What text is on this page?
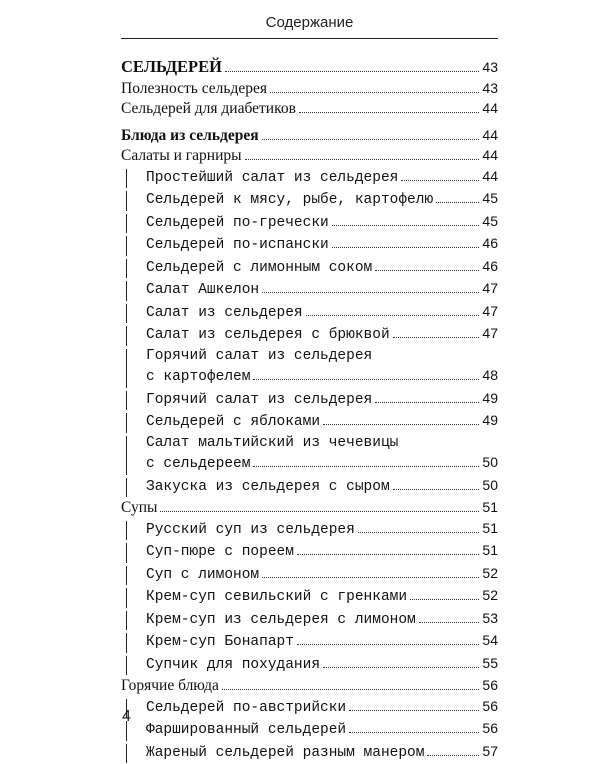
Содержание
СЕЛЬДЕРЕЙ	43
Полезность сельдерея	43
Сельдерей для диабетиков	44
Блюда из сельдерея	44
Салаты и гарниры	44
Простейший салат из сельдерея	44
Сельдерей к мясу, рыбе, картофелю	45
Сельдерей по-гречески	45
Сельдерей по-испански	46
Сельдерей с лимонным соком	46
Салат Ашкелон	47
Салат из сельдерея	47
Салат из сельдерея с брюквой	47
Горячий салат из сельдерея
с картофелем	48
Горячий салат из сельдерея	49
Сельдерей с яблоками	49
Салат мальтийский из чечевицы
с сельдереем	50
Закуска из сельдерея с сыром	50
Супы	51
Русский суп из сельдерея	51
Суп-пюре с пореем	51
Суп с лимоном	52
Крем-суп севильский с гренками	52
Крем-суп из сельдерея с лимоном	53
Крем-суп Бонапарт	54
Супчик для похудания	55
Горячие блюда	56
Сельдерей по-австрийски	56
Фаршированный сельдерей	56
Жареный сельдерей разным манером	57
4
